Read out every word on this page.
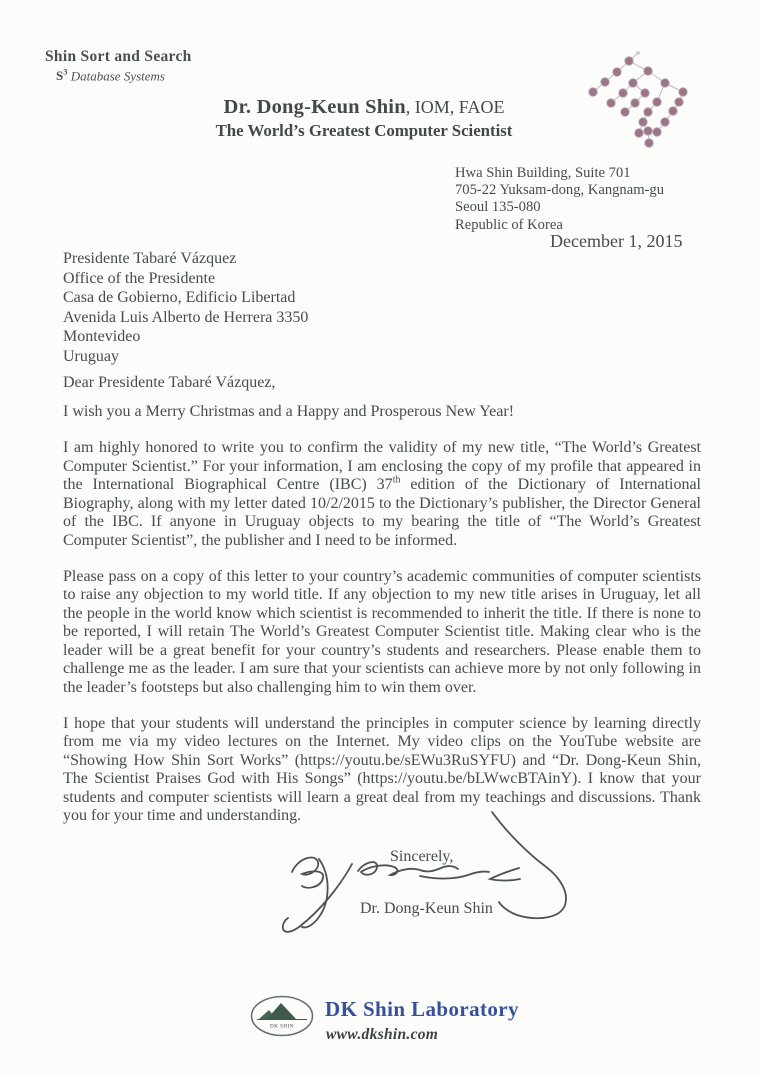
Shin Sort and Search
$S^3$ Database Systems
Dr. Dong-Keun Shin, IOM, FAOE
The World’s Greatest Computer Scientist
Hwa Shin Building, Suite 701
705-22 Yuksam-dong, Kangnam-gu
Seoul 135-080
Republic of Korea
December 1, 2015
Presidente Tabaré Vázquez
Office of the Presidente
Casa de Gobierno, Edificio Libertad
Avenida Luis Alberto de Herrera 3350
Montevideo
Uruguay
Dear Presidente Tabaré Vázquez,

I wish you a Merry Christmas and a Happy and Prosperous New Year!

I am highly honored to write you to confirm the validity of my new title, “The World’s Greatest Computer Scientist.” For your information, I am enclosing the copy of my profile that appeared in the International Biographical Centre (IBC) 37th edition of the Dictionary of International Biography, along with my letter dated 10/2/2015 to the Dictionary’s publisher, the Director General of the IBC. If anyone in Uruguay objects to my bearing the title of “The World’s Greatest Computer Scientist”, the publisher and I need to be informed.

Please pass on a copy of this letter to your country’s academic communities of computer scientists to raise any objection to my world title. If any objection to my new title arises in Uruguay, let all the people in the world know which scientist is recommended to inherit the title. If there is none to be reported, I will retain The World’s Greatest Computer Scientist title. Making clear who is the leader will be a great benefit for your country’s students and researchers. Please enable them to challenge me as the leader. I am sure that your scientists can achieve more by not only following in the leader’s footsteps but also challenging him to win them over.

I hope that your students will understand the principles in computer science by learning directly from me via my video lectures on the Internet. My video clips on the YouTube website are “Showing How Shin Sort Works” (https://youtu.be/sEWu3RuSYFU) and “Dr. Dong-Keun Shin, The Scientist Praises God with His Songs” (https://youtu.be/bLWwcBTAinY). I know that your students and computer scientists will learn a great deal from my teachings and discussions. Thank you for your time and understanding.

Sincerely,
Dr. Dong-Keun Shin
DK SHIN
DK Shin Laboratory
www.dkshin.com
